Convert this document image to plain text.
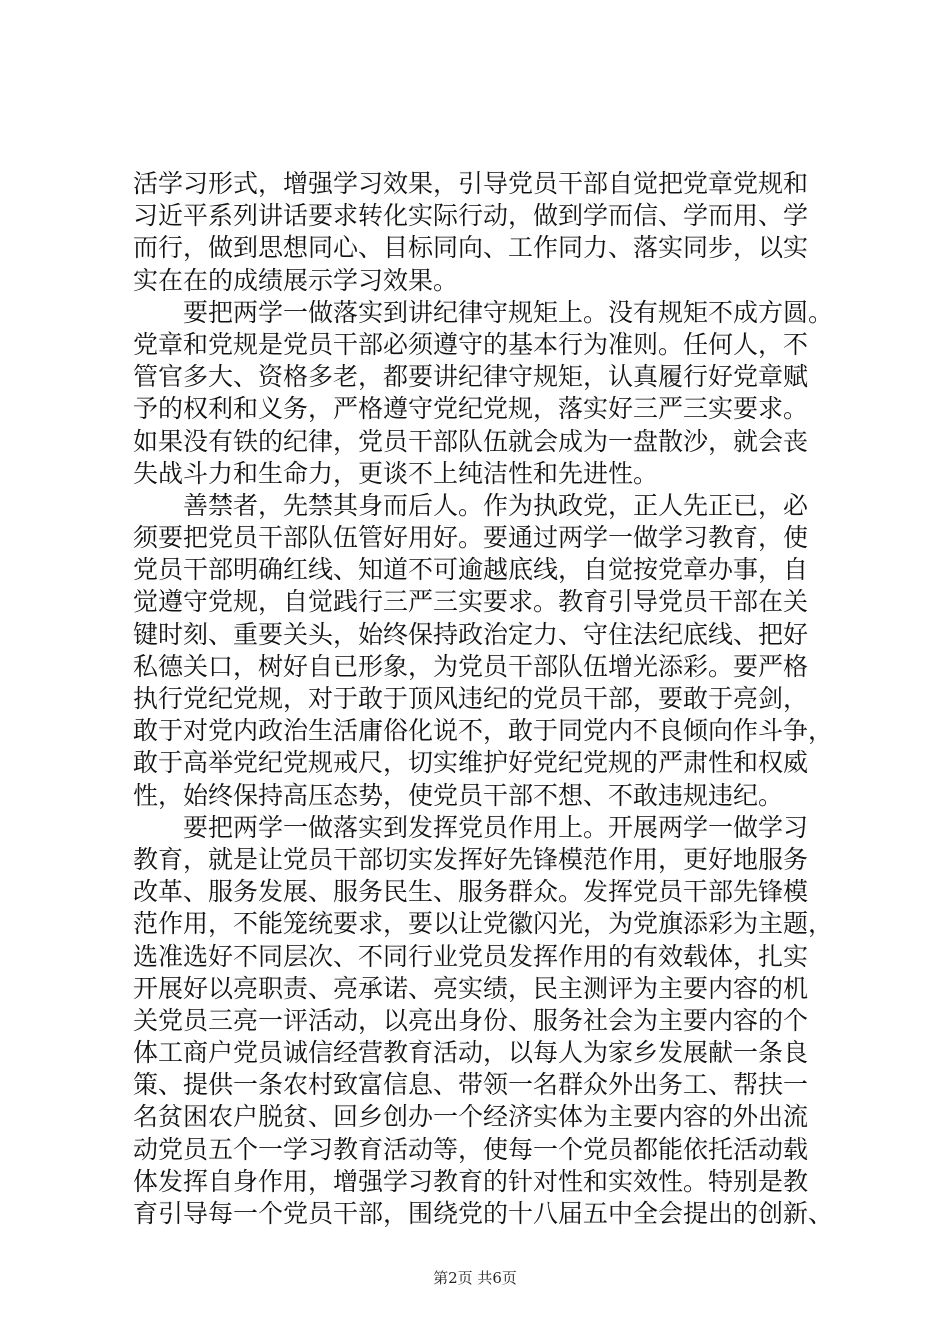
活学习形式，增强学习效果，引导党员干部自觉把党章党规和
习近平系列讲话要求转化实际行动，做到学而信、学而用、学
而行，做到思想同心、目标同向、工作同力、落实同步，以实
实在在的成绩展示学习效果。
　　要把两学一做落实到讲纪律守规矩上。没有规矩不成方圆。
党章和党规是党员干部必须遵守的基本行为准则。任何人，不
管官多大、资格多老，都要讲纪律守规矩，认真履行好党章赋
予的权利和义务，严格遵守党纪党规，落实好三严三实要求。
如果没有铁的纪律，党员干部队伍就会成为一盘散沙，就会丧
失战斗力和生命力，更谈不上纯洁性和先进性。
　　善禁者，先禁其身而后人。作为执政党，正人先正已，必
须要把党员干部队伍管好用好。要通过两学一做学习教育，使
党员干部明确红线、知道不可逾越底线，自觉按党章办事，自
觉遵守党规，自觉践行三严三实要求。教育引导党员干部在关
键时刻、重要关头，始终保持政治定力、守住法纪底线、把好
私德关口，树好自已形象，为党员干部队伍增光添彩。要严格
执行党纪党规，对于敢于顶风违纪的党员干部，要敢于亮剑，
敢于对党内政治生活庸俗化说不，敢于同党内不良倾向作斗争，
敢于高举党纪党规戒尺，切实维护好党纪党规的严肃性和权威
性，始终保持高压态势，使党员干部不想、不敢违规违纪。
　　要把两学一做落实到发挥党员作用上。开展两学一做学习
教育，就是让党员干部切实发挥好先锋模范作用，更好地服务
改革、服务发展、服务民生、服务群众。发挥党员干部先锋模
范作用，不能笼统要求，要以让党徽闪光，为党旗添彩为主题，
选准选好不同层次、不同行业党员发挥作用的有效载体，扎实
开展好以亮职责、亮承诺、亮实绩，民主测评为主要内容的机
关党员三亮一评活动，以亮出身份、服务社会为主要内容的个
体工商户党员诚信经营教育活动，以每人为家乡发展献一条良
策、提供一条农村致富信息、带领一名群众外出务工、帮扶一
名贫困农户脱贫、回乡创办一个经济实体为主要内容的外出流
动党员五个一学习教育活动等，使每一个党员都能依托活动载
体发挥自身作用，增强学习教育的针对性和实效性。特别是教
育引导每一个党员干部，围绕党的十八届五中全会提出的创新、
第2页 共6页
